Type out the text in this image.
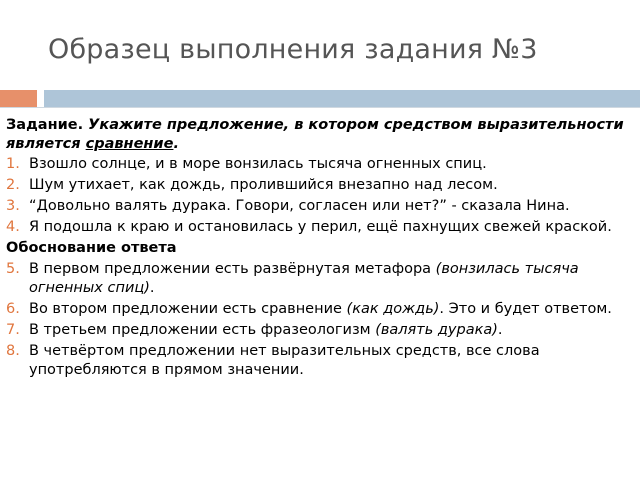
Образец выполнения задания №3
Задание. Укажите предложение, в котором средством выразительности является сравнение.
1. Взошло солнце, и в море вонзилась тысяча огненных спиц.
2. Шум утихает, как дождь, пролившийся внезапно над лесом.
3. “Довольно валять дурака. Говори, согласен или нет?” - сказала Нина.
4. Я подошла к краю и остановилась у перил, ещё пахнущих свежей краской.
Обоснование ответа
5. В первом предложении есть развёрнутая метафора (вонзилась тысяча огненных спиц).
6. Во втором предложении есть сравнение (как дождь). Это и будет ответом.
7. В третьем предложении есть фразеологизм (валять дурака).
8. В четвёртом предложении нет выразительных средств, все слова употребляются в прямом значении.
